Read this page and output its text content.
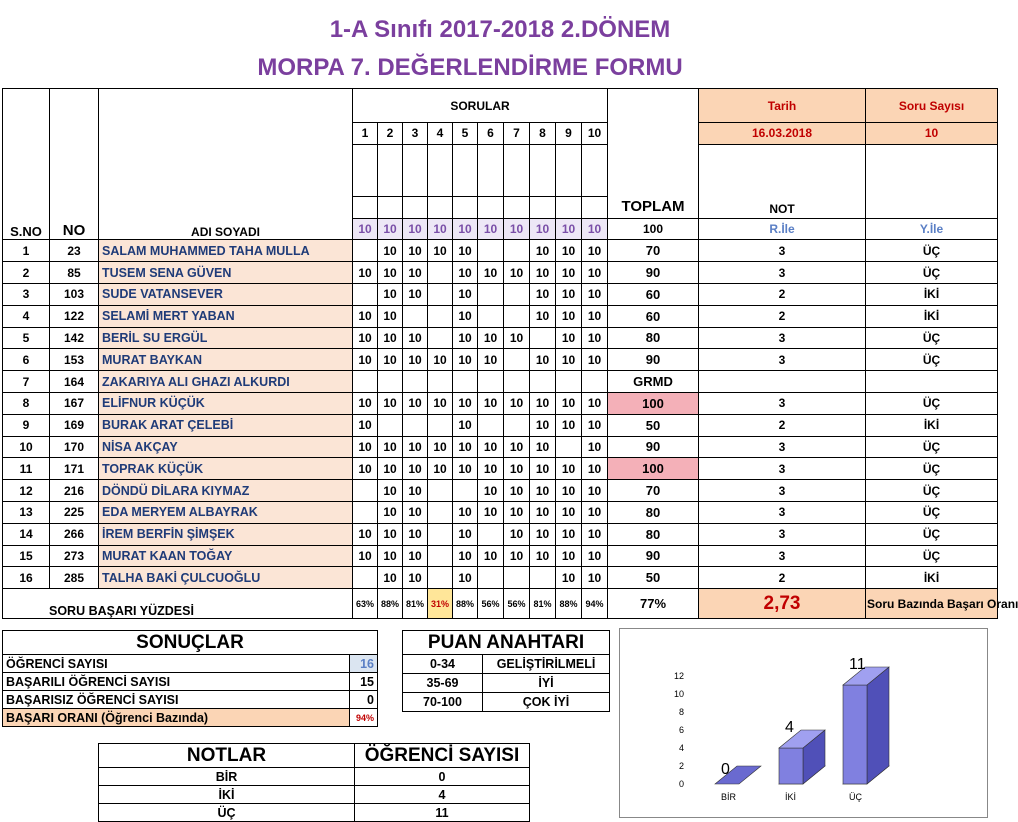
1-A Sınıfı 2017-2018 2.DÖNEM
MORPA 7. DEĞERLENDİRME FORMU
			SORULAR											Tarih	Soru Sayısı	
			1	2	3	4	5	6	7	8	9	10		16.03.2018	10	
														NOT		
													TOPLAM			
S.NO	NO	ADI SOYADI	10	10	10	10	10	10	10	10	10	10	100	R.İle	Y.İle	
1	23	SALAM MUHAMMED TAHA MULLA		10	10	10	10			10	10	10	70	3	ÜÇ	
2	85	TUSEM SENA GÜVEN	10	10	10		10	10	10	10	10	10	90	3	ÜÇ	
3	103	SUDE VATANSEVER		10	10		10			10	10	10	60	2	İKİ	
4	122	SELAMİ MERT YABAN	10	10			10			10	10	10	60	2	İKİ	
5	142	BERİL SU ERGÜL	10	10	10		10	10	10		10	10	80	3	ÜÇ	
6	153	MURAT BAYKAN	10	10	10	10	10	10		10	10	10	90	3	ÜÇ	
7	164	ZAKARIYA ALI GHAZI ALKURDI											GRMD			
8	167	ELİFNUR KÜÇÜK	10	10	10	10	10	10	10	10	10	10	100	3	ÜÇ	
9	169	BURAK ARAT ÇELEBİ	10				10			10	10	10	50	2	İKİ	
10	170	NİSA AKÇAY	10	10	10	10	10	10	10	10		10	90	3	ÜÇ	
11	171	TOPRAK KÜÇÜK	10	10	10	10	10	10	10	10	10	10	100	3	ÜÇ	
12	216	DÖNDÜ DİLARA KIYMAZ		10	10			10	10	10	10	10	70	3	ÜÇ	
13	225	EDA MERYEM ALBAYRAK		10	10		10	10	10	10	10	10	80	3	ÜÇ	
14	266	İREM BERFİN ŞİMŞEK	10	10	10		10		10	10	10	10	80	3	ÜÇ	
15	273	MURAT KAAN TOĞAY	10	10	10		10	10	10	10	10	10	90	3	ÜÇ	
16	285	TALHA BAKİ ÇULCUOĞLU		10	10		10				10	10	50	2	İKİ	
SORU BAŞARI YÜZDESİ			63%	88%	81%	31%	88%	56%	56%	81%	88%	94%	77%	2,73	Soru Bazında Başarı Oranı	
SONUÇLAR	
ÖĞRENCİ SAYISI	16
BAŞARILI ÖĞRENCİ SAYISI	15
BAŞARISIZ ÖĞRENCİ SAYISI	0
BAŞARI ORANI (Öğrenci Bazında)	94%
PUAN ANAHTARI	
0-34	GELİŞTİRİLMELİ
35-69	İYİ
70-100	ÇOK İYİ
NOTLAR	ÖĞRENCİ SAYISI
BİR	0
İKİ	4
ÜÇ	11
0
2
4
6
8
10
12
0
BİR
4
İKİ
11
ÜÇ
